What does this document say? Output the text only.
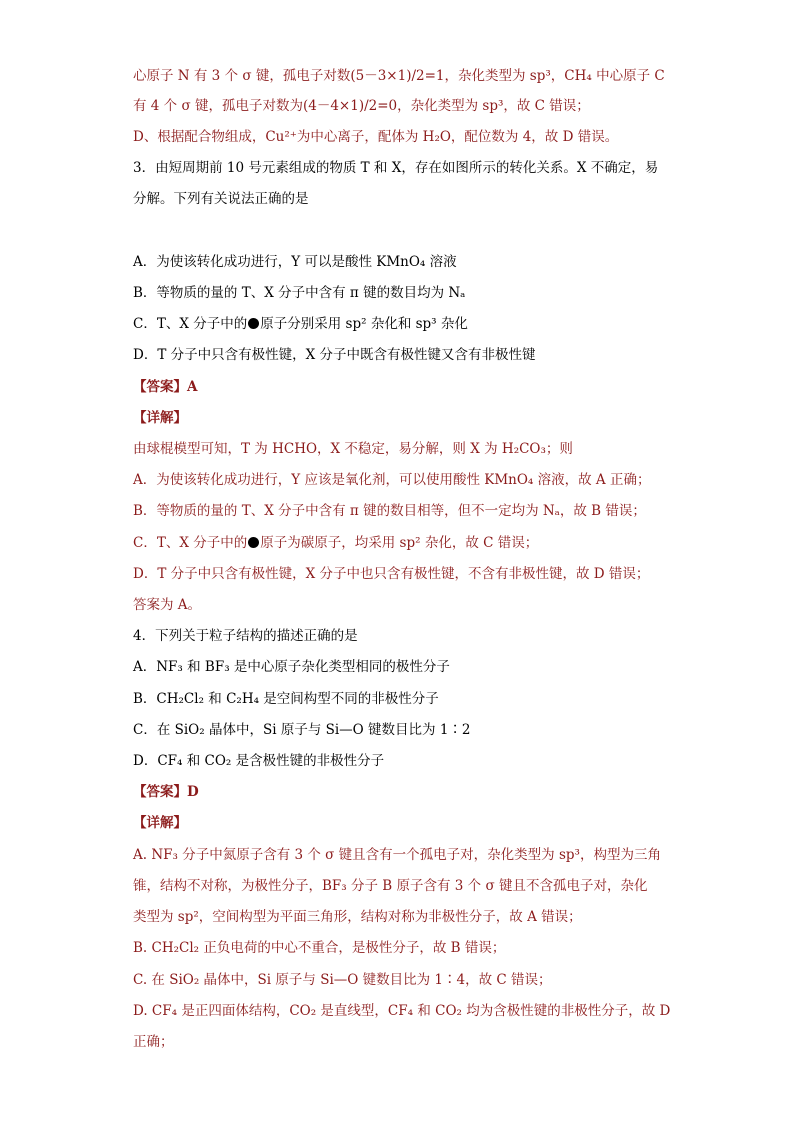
心原子 N 有 3 个 σ 键，孤电子对数(5－3×1)/2=1，杂化类型为 sp³，CH₄ 中心原子 C
有 4 个 σ 键，孤电子对数为(4－4×1)/2=0，杂化类型为 sp³，故 C 错误；
D、根据配合物组成，Cu²⁺为中心离子，配体为 H₂O，配位数为 4，故 D 错误。
3．由短周期前 10 号元素组成的物质 T 和 X，存在如图所示的转化关系。X 不确定，易
分解。下列有关说法正确的是
A．为使该转化成功进行，Y 可以是酸性 KMnO₄ 溶液
B．等物质的量的 T、X 分子中含有 π 键的数目均为 Nₐ
C．T、X 分子中的 原子分别采用 sp² 杂化和 sp³ 杂化
D．T 分子中只含有极性键，X 分子中既含有极性键又含有非极性键
【答案】A
【详解】
由球棍模型可知，T 为 HCHO，X 不稳定，易分解，则 X 为 H₂CO₃；则
A．为使该转化成功进行，Y 应该是氧化剂，可以使用酸性 KMnO₄ 溶液，故 A 正确；
B．等物质的量的 T、X 分子中含有 π 键的数目相等，但不一定均为 Nₐ，故 B 错误；
C．T、X 分子中的 原子为碳原子，均采用 sp² 杂化，故 C 错误；
D．T 分子中只含有极性键，X 分子中也只含有极性键，不含有非极性键，故 D 错误；
答案为 A。
4．下列关于粒子结构的描述正确的是
A．NF₃ 和 BF₃ 是中心原子杂化类型相同的极性分子
B．CH₂Cl₂ 和 C₂H₄ 是空间构型不同的非极性分子
C．在 SiO₂ 晶体中，Si 原子与 Si—O 键数目比为 1∶2
D．CF₄ 和 CO₂ 是含极性键的非极性分子
【答案】D
【详解】
A. NF₃ 分子中氮原子含有 3 个 σ 键且含有一个孤电子对，杂化类型为 sp³，构型为三角
锥，结构不对称，为极性分子，BF₃ 分子 B 原子含有 3 个 σ 键且不含孤电子对，杂化
类型为 sp²，空间构型为平面三角形，结构对称为非极性分子，故 A 错误；
B. CH₂Cl₂ 正负电荷的中心不重合，是极性分子，故 B 错误；
C. 在 SiO₂ 晶体中，Si 原子与 Si—O 键数目比为 1∶4，故 C 错误；
D. CF₄ 是正四面体结构，CO₂ 是直线型，CF₄ 和 CO₂ 均为含极性键的非极性分子，故 D
正确；
